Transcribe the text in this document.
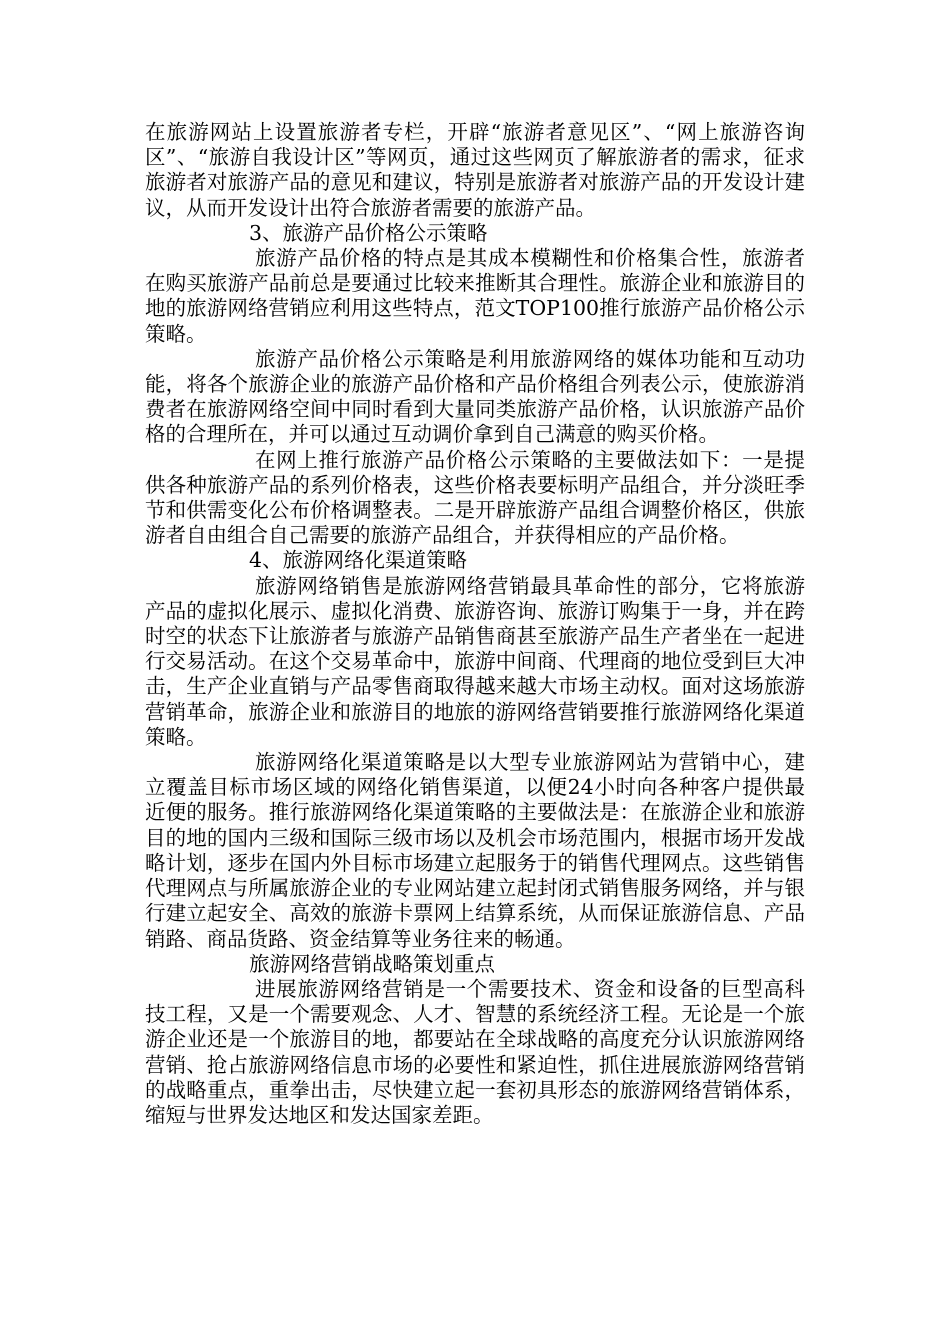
在旅游网站上设置旅游者专栏，开辟“旅游者意见区”、“网上旅游咨询区”、“旅游自我设计区”等网页，通过这些网页了解旅游者的需求，征求旅游者对旅游产品的意见和建议，特别是旅游者对旅游产品的开发设计建议，从而开发设计出符合旅游者需要的旅游产品。

3、旅游产品价格公示策略

旅游产品价格的特点是其成本模糊性和价格集合性，旅游者在购买旅游产品前总是要通过比较来推断其合理性。旅游企业和旅游目的地的旅游网络营销应利用这些特点，范文TOP100推行旅游产品价格公示策略。

旅游产品价格公示策略是利用旅游网络的媒体功能和互动功能，将各个旅游企业的旅游产品价格和产品价格组合列表公示，使旅游消费者在旅游网络空间中同时看到大量同类旅游产品价格，认识旅游产品价格的合理所在，并可以通过互动调价拿到自己满意的购买价格。

在网上推行旅游产品价格公示策略的主要做法如下：一是提供各种旅游产品的系列价格表，这些价格表要标明产品组合，并分淡旺季节和供需变化公布价格调整表。二是开辟旅游产品组合调整价格区，供旅游者自由组合自己需要的旅游产品组合，并获得相应的产品价格。

4、旅游网络化渠道策略

旅游网络销售是旅游网络营销最具革命性的部分，它将旅游产品的虚拟化展示、虚拟化消费、旅游咨询、旅游订购集于一身，并在跨时空的状态下让旅游者与旅游产品销售商甚至旅游产品生产者坐在一起进行交易活动。在这个交易革命中，旅游中间商、代理商的地位受到巨大冲击，生产企业直销与产品零售商取得越来越大市场主动权。面对这场旅游营销革命，旅游企业和旅游目的地旅的游网络营销要推行旅游网络化渠道策略。

旅游网络化渠道策略是以大型专业旅游网站为营销中心，建立覆盖目标市场区域的网络化销售渠道，以便24小时向各种客户提供最近便的服务。推行旅游网络化渠道策略的主要做法是：在旅游企业和旅游目的地的国内三级和国际三级市场以及机会市场范围内，根据市场开发战略计划，逐步在国内外目标市场建立起服务于的销售代理网点。这些销售代理网点与所属旅游企业的专业网站建立起封闭式销售服务网络，并与银行建立起安全、高效的旅游卡票网上结算系统，从而保证旅游信息、产品销路、商品货路、资金结算等业务往来的畅通。

旅游网络营销战略策划重点

进展旅游网络营销是一个需要技术、资金和设备的巨型高科技工程，又是一个需要观念、人才、智慧的系统经济工程。无论是一个旅游企业还是一个旅游目的地，都要站在全球战略的高度充分认识旅游网络营销、抢占旅游网络信息市场的必要性和紧迫性，抓住进展旅游网络营销的战略重点，重拳出击，尽快建立起一套初具形态的旅游网络营销体系，缩短与世界发达地区和发达国家差距。
